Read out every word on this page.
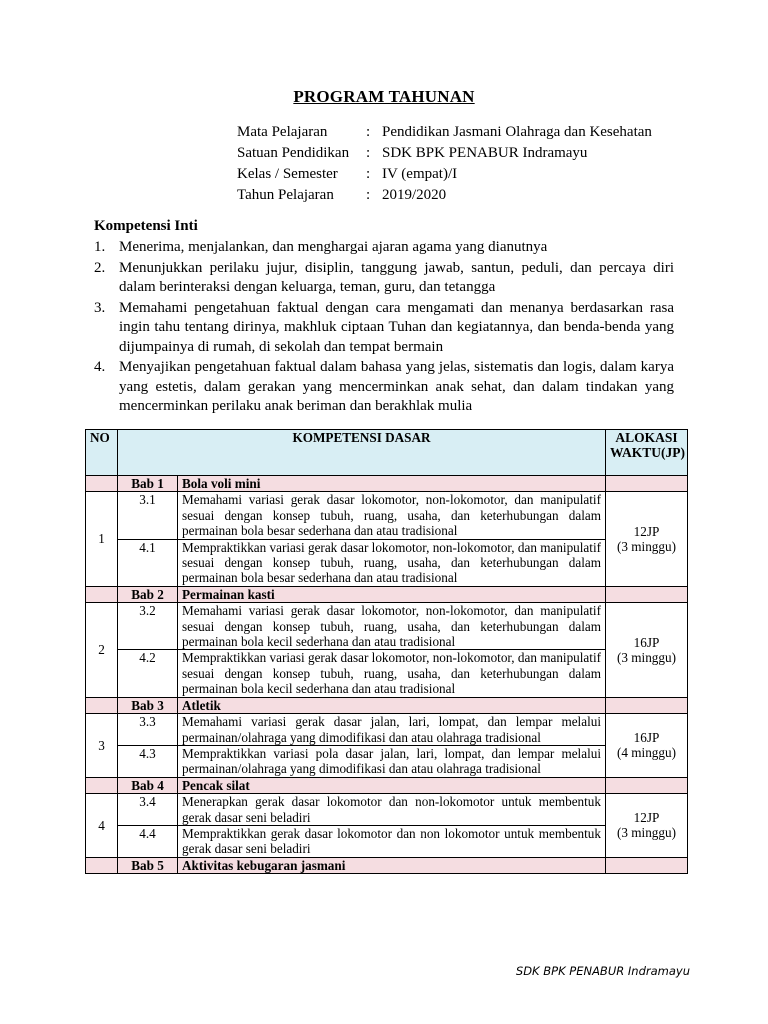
PROGRAM TAHUNAN
Mata Pelajaran	: Pendidikan Jasmani Olahraga dan Kesehatan
Satuan Pendidikan : SDK BPK PENABUR Indramayu
Kelas / Semester : IV (empat)/I
Tahun Pelajaran : 2019/2020
Kompetensi Inti
1. Menerima, menjalankan, dan menghargai ajaran agama yang dianutnya
2. Menunjukkan perilaku jujur, disiplin, tanggung jawab, santun, peduli, dan percaya diri dalam berinteraksi dengan keluarga, teman, guru, dan tetangga
3. Memahami pengetahuan faktual dengan cara mengamati dan menanya berdasarkan rasa ingin tahu tentang dirinya, makhluk ciptaan Tuhan dan kegiatannya, dan benda-benda yang dijumpainya di rumah, di sekolah dan tempat bermain
4. Menyajikan pengetahuan faktual dalam bahasa yang jelas, sistematis dan logis, dalam karya yang estetis, dalam gerakan yang mencerminkan anak sehat, dan dalam tindakan yang mencerminkan perilaku anak beriman dan berakhlak mulia
NO	KOMPETENSI DASAR		ALOKASI WAKTU(JP)
	Bab 1	Bola voli mini	
1	3.1	Memahami variasi gerak dasar lokomotor, non-lokomotor, dan manipulatif sesuai dengan konsep tubuh, ruang, usaha, dan keterhubungan dalam permainan bola besar sederhana dan atau tradisional	12JP
(3 minggu)

	4.1	Mempraktikkan variasi gerak dasar lokomotor, non-lokomotor, dan manipulatif sesuai dengan konsep tubuh, ruang, usaha, dan keterhubungan dalam permainan bola besar sederhana dan atau tradisional	
	Bab 2	Permainan kasti	
2	3.2	Memahami variasi gerak dasar lokomotor, non-lokomotor, dan manipulatif sesuai dengan konsep tubuh, ruang, usaha, dan keterhubungan dalam permainan bola kecil sederhana dan atau tradisional	16JP
(3 minggu)

	4.2	Mempraktikkan variasi gerak dasar lokomotor, non-lokomotor, dan manipulatif sesuai dengan konsep tubuh, ruang, usaha, dan keterhubungan dalam permainan bola kecil sederhana dan atau tradisional	
	Bab 3	Atletik	
3	3.3	Memahami variasi gerak dasar jalan, lari, lompat, dan lempar melalui permainan/olahraga yang dimodifikasi dan atau olahraga tradisional	16JP
(4 minggu)

	4.3	Mempraktikkan variasi pola dasar jalan, lari, lompat, dan lempar melalui permainan/olahraga yang dimodifikasi dan atau olahraga tradisional	
	Bab 4	Pencak silat	
4	3.4	Menerapkan gerak dasar lokomotor dan non-lokomotor untuk membentuk gerak dasar seni beladiri	12JP
(3 minggu)

	4.4	Mempraktikkan gerak dasar lokomotor dan non lokomotor untuk membentuk gerak dasar seni beladiri	
	Bab 5	Aktivitas kebugaran jasmani	
SDK BPK PENABUR Indramayu
